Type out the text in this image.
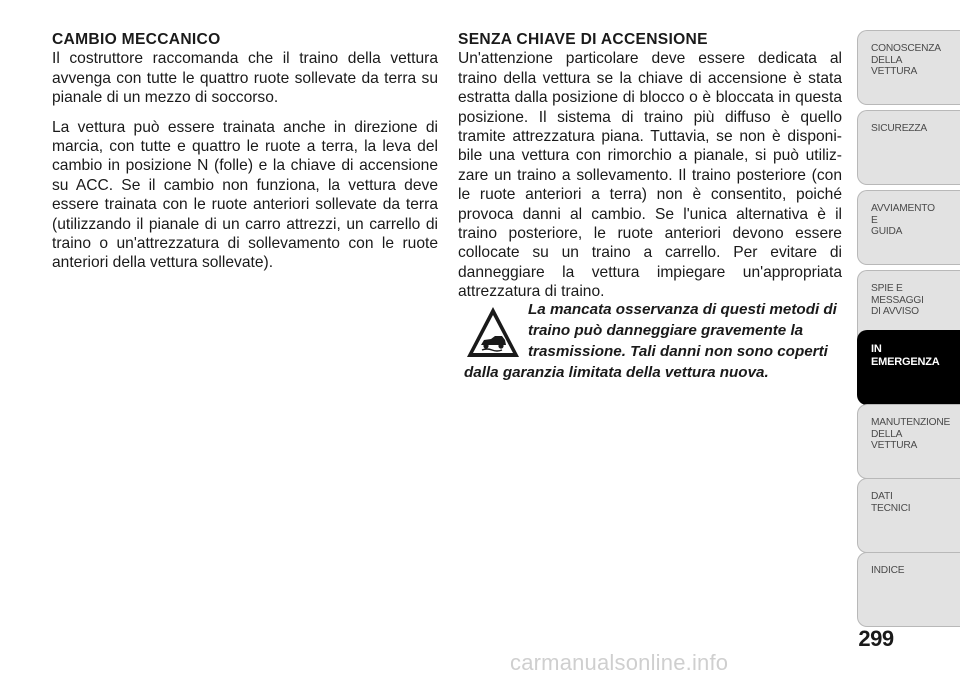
CAMBIO MECCANICO

Il costruttore raccomanda che il traino della vettura avvenga con tutte le quattro ruote sollevate da terra su pianale di un mezzo di soccorso.

La vettura può essere trainata anche in direzione di marcia, con tutte e quattro le ruote a terra, la leva del cambio in posizione N (folle) e la chiave di accensione su ACC. Se il cambio non funziona, la vettura deve essere trainata con le ruote anteriori sollevate da terra (utilizzando il pianale di un carro attrezzi, un carrello di traino o un'attrezzatura di sollevamento con le ruote anteriori della vettura sollevate).

SENZA CHIAVE DI ACCENSIONE

Un'attenzione particolare deve essere dedicata al traino della vettura se la chiave di accensione è stata estratta dalla posizione di blocco o è bloccata in questa posizione. Il sistema di traino più diffuso è quello tramite attrezzatura piana. Tuttavia, se non è disponi-bile una vettura con rimorchio a pianale, si può utiliz-zare un traino a sollevamento. Il traino posteriore (con le ruote anteriori a terra) non è consentito, poiché provoca danni al cambio. Se l'unica alternativa è il traino posteriore, le ruote anteriori devono essere collocate su un traino a carrello. Per evitare di danneggiare la vettura impiegare un'appropriata attrezzatura di traino.

La mancata osservanza di questi metodi di traino può danneggiare gravemente la trasmissione. Tali danni non sono coperti dalla garanzia limitata della vettura nuova.
CONOSCENZA
DELLA
VETTURA
SICUREZZA
AVVIAMENTO
E
GUIDA
SPIE E
MESSAGGI
DI AVVISO
IN
EMERGENZA
MANUTENZIONE
DELLA
VETTURA
DATI
TECNICI
INDICE
299
carmanualsonline.info
